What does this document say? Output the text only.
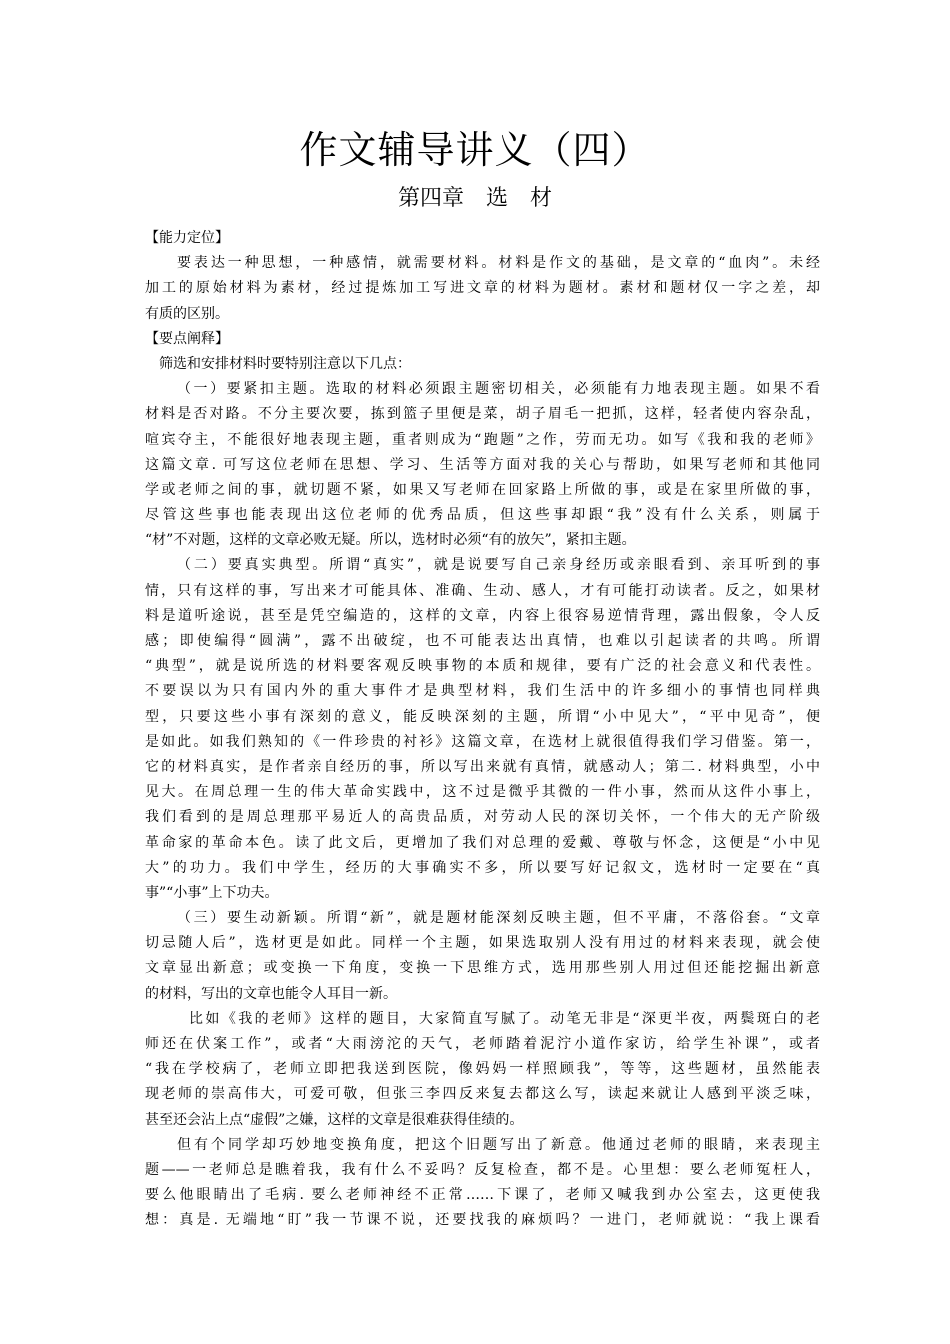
作文辅导讲义（四）
第四章　选　材
【能力定位】
要表达一种思想，一种感情，就需要材料。材料是作文的基础，是文章的“血肉”。未经
加工的原始材料为素材，经过提炼加工写进文章的材料为题材。素材和题材仅一字之差，却
有质的区别。
【要点阐释】
筛选和安排材料时要特别注意以下几点：
（一）要紧扣主题。选取的材料必须跟主题密切相关，必须能有力地表现主题。如果不看
材料是否对路。不分主要次要，拣到篮子里便是菜，胡子眉毛一把抓，这样，轻者使内容杂乱，
喧宾夺主，不能很好地表现主题，重者则成为“跑题”之作，劳而无功。如写《我和我的老师》
这篇文章. 可写这位老师在思想、学习、生活等方面对我的关心与帮助，如果写老师和其他同
学或老师之间的事，就切题不紧，如果又写老师在回家路上所做的事，或是在家里所做的事，
尽管这些事也能表现出这位老师的优秀品质，但这些事却跟“我”没有什么关系，则属于
“材”不对题，这样的文章必败无疑。所以，选材时必须“有的放矢”，紧扣主题。
（二）要真实典型。所谓“真实”，就是说要写自己亲身经历或亲眼看到、亲耳听到的事
情，只有这样的事，写出来才可能具体、准确、生动、感人，才有可能打动读者。反之，如果材
料是道听途说，甚至是凭空编造的，这样的文章，内容上很容易逆情背理，露出假象，令人反
感；即使编得“圆满”，露不出破绽，也不可能表达出真情，也难以引起读者的共鸣。所谓
“典型”，就是说所选的材料要客观反映事物的本质和规律，要有广泛的社会意义和代表性。
不要误以为只有国内外的重大事件才是典型材料，我们生活中的许多细小的事情也同样典
型，只要这些小事有深刻的意义，能反映深刻的主题，所谓“小中见大”，“平中见奇”，便
是如此。如我们熟知的《一件珍贵的衬衫》这篇文章，在选材上就很值得我们学习借鉴。第一，
它的材料真实，是作者亲自经历的事，所以写出来就有真情，就感动人；第二. 材料典型，小中
见大。在周总理一生的伟大革命实践中，这不过是微乎其微的一件小事，然而从这件小事上，
我们看到的是周总理那平易近人的高贵品质，对劳动人民的深切关怀，一个伟大的无产阶级
革命家的革命本色。读了此文后，更增加了我们对总理的爱戴、尊敬与怀念，这便是“小中见
大”的功力。我们中学生，经历的大事确实不多，所以要写好记叙文，选材时一定要在“真
事”“小事”上下功夫。
（三）要生动新颖。所谓“新”，就是题材能深刻反映主题，但不平庸，不落俗套。“文章
切忌随人后”，选材更是如此。同样一个主题，如果选取别人没有用过的材料来表现，就会使
文章显出新意；或变换一下角度，变换一下思维方式，选用那些别人用过但还能挖掘出新意
的材料，写出的文章也能令人耳目一新。
比如《我的老师》这样的题目，大家简直写腻了。动笔无非是“深更半夜，两鬓斑白的老
师还在伏案工作”，或者“大雨滂沱的天气，老师踏着泥泞小道作家访，给学生补课”，或者
“我在学校病了，老师立即把我送到医院，像妈妈一样照顾我”，等等，这些题材，虽然能表
现老师的崇高伟大，可爱可敬，但张三李四反来复去都这么写，读起来就让人感到平淡乏味，
甚至还会沾上点“虚假”之嫌，这样的文章是很难获得佳绩的。
但有个同学却巧妙地变换角度，把这个旧题写出了新意。他通过老师的眼睛，来表现主
题——一老师总是瞧着我，我有什么不妥吗？反复检查，都不是。心里想：要么老师冤枉人，
要么他眼睛出了毛病. 要么老师神经不正常……下课了，老师又喊我到办公室去，这更使我
想：真是. 无端地“盯”我一节课不说，还要找我的麻烦吗？一进门，老师就说：“我上课看
